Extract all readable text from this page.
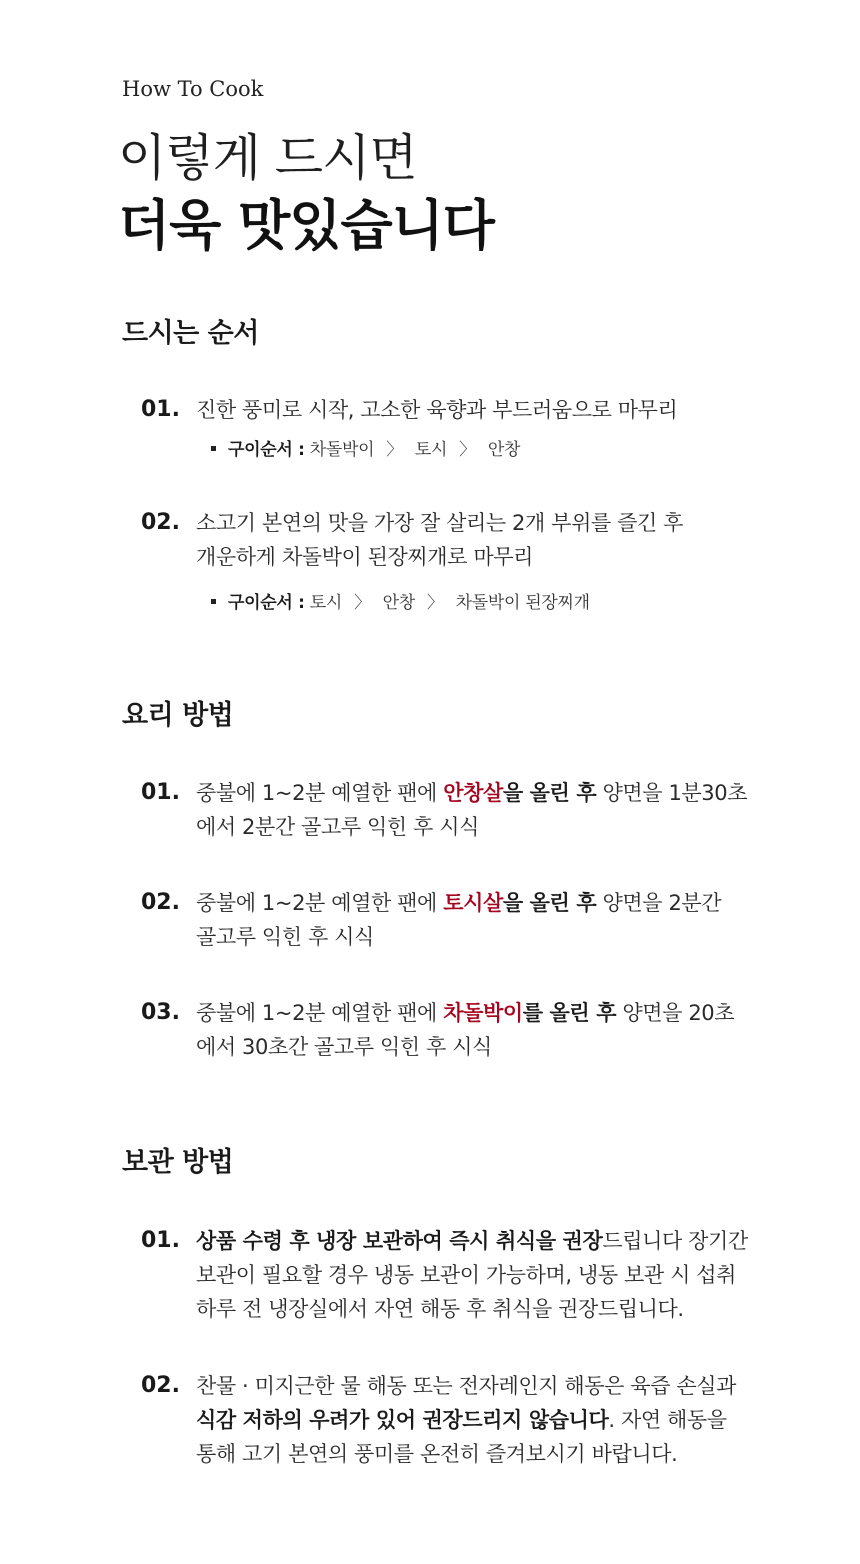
How To Cook
이렇게 드시면
더욱 맛있습니다
드시는 순서
01. 진한 풍미로 시작, 고소한 육향과 부드러움으로 마무리
구이순서 : 차돌박이 〉 토시 〉 안창
02. 소고기 본연의 맛을 가장 잘 살리는 2개 부위를 즐긴 후
개운하게 차돌박이 된장찌개로 마무리
구이순서 : 토시 〉 안창 〉 차돌박이 된장찌개
요리 방법
01. 중불에 1~2분 예열한 팬에 안창살을 올린 후 양면을 1분30초
에서 2분간 골고루 익힌 후 시식
02. 중불에 1~2분 예열한 팬에 토시살을 올린 후 양면을 2분간
골고루 익힌 후 시식
03. 중불에 1~2분 예열한 팬에 차돌박이를 올린 후 양면을 20초
에서 30초간 골고루 익힌 후 시식
보관 방법
01. 상품 수령 후 냉장 보관하여 즉시 취식을 권장드립니다 장기간
보관이 필요할 경우 냉동 보관이 가능하며, 냉동 보관 시 섭취
하루 전 냉장실에서 자연 해동 후 취식을 권장드립니다.
02. 찬물 · 미지근한 물 해동 또는 전자레인지 해동은 육즙 손실과
식감 저하의 우려가 있어 권장드리지 않습니다. 자연 해동을
통해 고기 본연의 풍미를 온전히 즐겨보시기 바랍니다.
